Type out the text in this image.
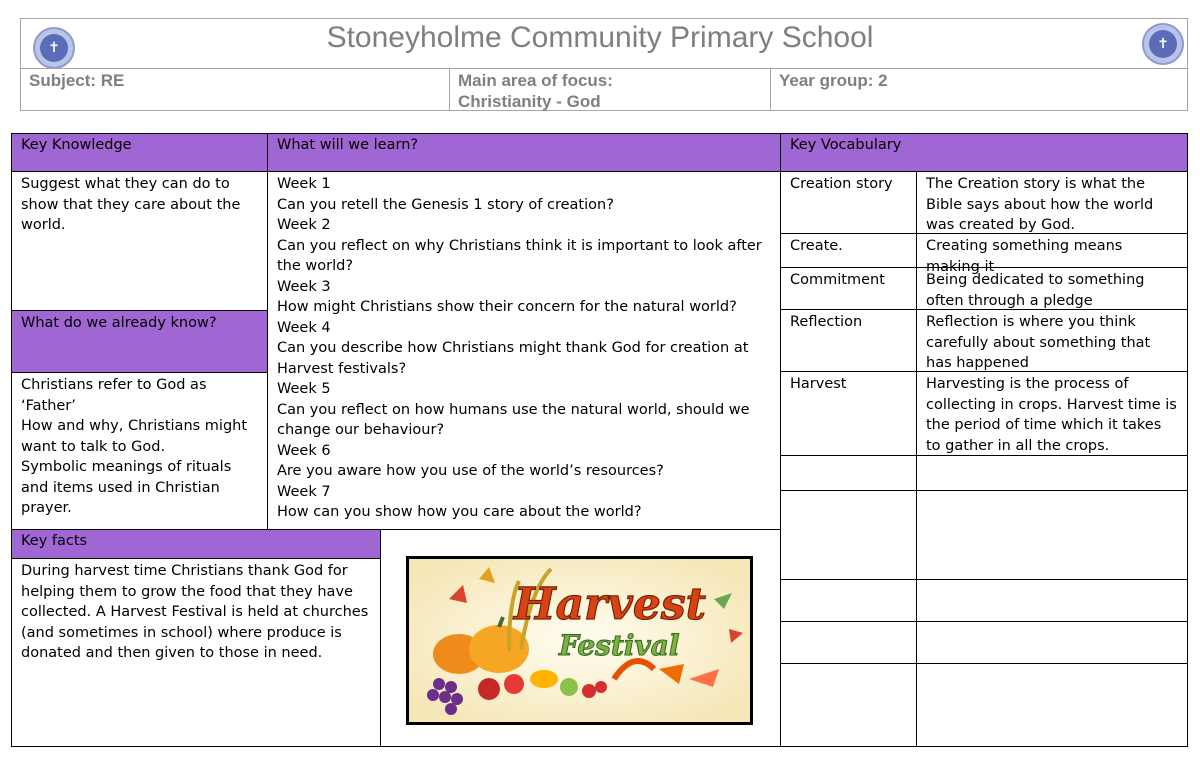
Stoneyholme Community Primary School
✝	✝
Subject: RE	Main area of focus:
Christianity - God
Year group: 2
Key Knowledge
Suggest what they can do to show that they care about the world.
What do we already know?
Christians refer to God as ‘Father’
How and why, Christians might want to talk to God.
Symbolic meanings of rituals and items used in Christian prayer.
What will we learn?
Week 1
Can you retell the Genesis 1 story of creation?
Week 2
Can you reflect on why Christians think it is important to look after the world?
Week 3
How might Christians show their concern for the natural world?
Week 4
Can you describe how Christians might thank God for creation at Harvest festivals?
Week 5
Can you reflect on how humans use the natural world, should we change our behaviour?
Week 6
Are you aware how you use of the world’s resources?
Week 7
How can you show how you care about the world?
Key facts
During harvest time Christians thank God for helping them to grow the food that they have collected. A Harvest Festival is held at churches (and sometimes in school) where produce is donated and then given to those in need.
Harvest
Festival
Key Vocabulary
Creation story	The Creation story is what the Bible says about how the world was created by God.
Create.	Creating something means making it
Commitment	Being dedicated to something often through a pledge
Reflection	Reflection is where you think carefully about something that has happened
Harvest	Harvesting is the process of collecting in crops. Harvest time is the period of time which it takes to gather in all the crops.
